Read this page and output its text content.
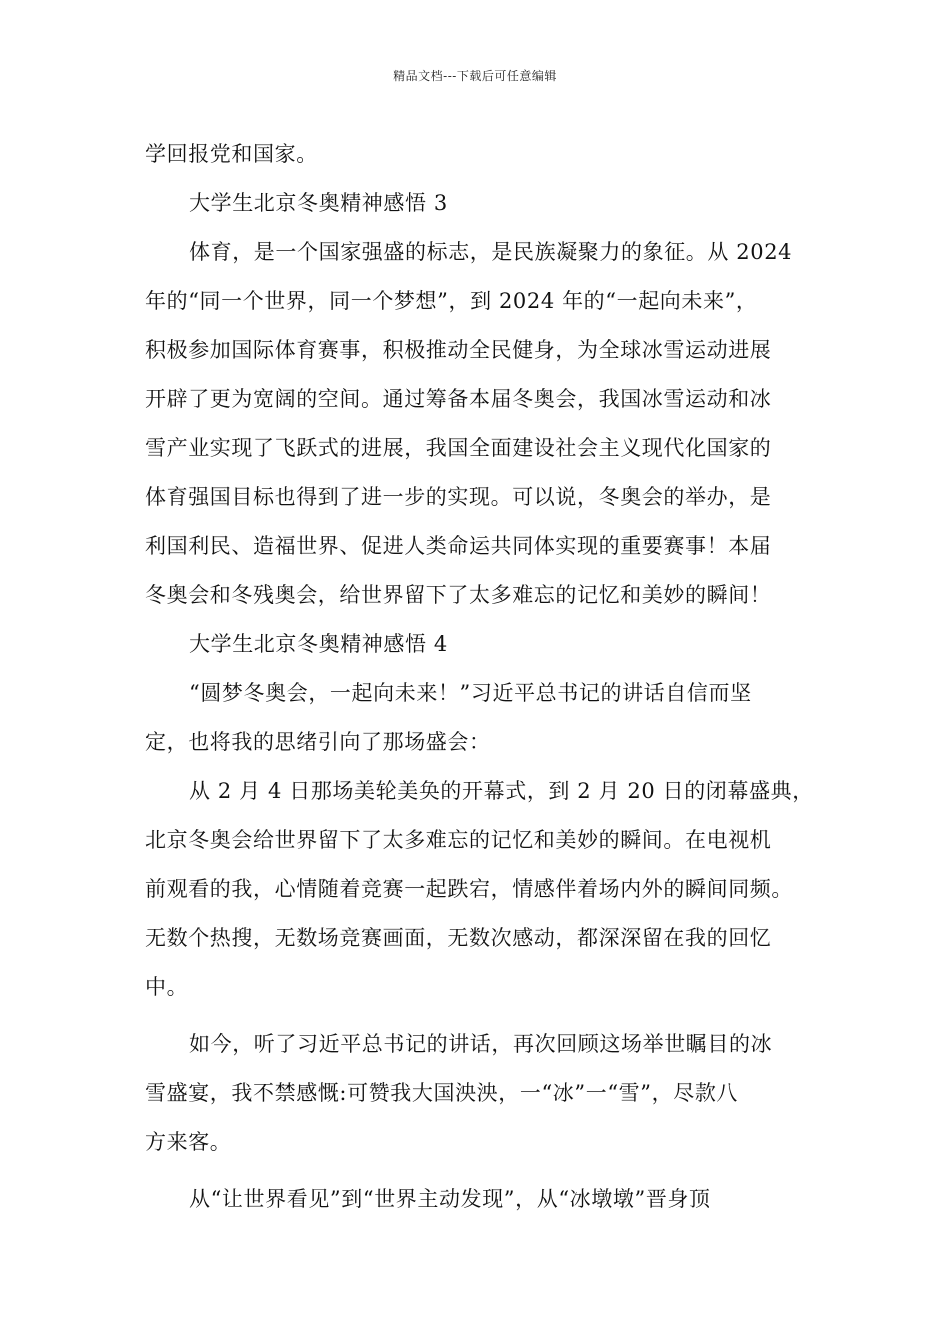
精品文档---下载后可任意编辑
学回报党和国家。
大学生北京冬奥精神感悟 3
体育，是一个国家强盛的标志，是民族凝聚力的象征。从 2024
年的“同一个世界，同一个梦想”，到 2024 年的“一起向未来”，
积极参加国际体育赛事，积极推动全民健身，为全球冰雪运动进展
开辟了更为宽阔的空间。通过筹备本届冬奥会，我国冰雪运动和冰
雪产业实现了飞跃式的进展，我国全面建设社会主义现代化国家的
体育强国目标也得到了进一步的实现。可以说，冬奥会的举办，是
利国利民、造福世界、促进人类命运共同体实现的重要赛事！本届
冬奥会和冬残奥会，给世界留下了太多难忘的记忆和美妙的瞬间！
大学生北京冬奥精神感悟 4
“圆梦冬奥会，一起向未来！”习近平总书记的讲话自信而坚
定，也将我的思绪引向了那场盛会：
从 2 月 4 日那场美轮美奂的开幕式，到 2 月 20 日的闭幕盛典，
北京冬奥会给世界留下了太多难忘的记忆和美妙的瞬间。在电视机
前观看的我，心情随着竞赛一起跌宕，情感伴着场内外的瞬间同频。
无数个热搜，无数场竞赛画面，无数次感动，都深深留在我的回忆
中。
如今，听了习近平总书记的讲话，再次回顾这场举世瞩目的冰
雪盛宴，我不禁感慨:可赞我大国泱泱，一“冰”一“雪”，尽款八
方来客。
从“让世界看见”到“世界主动发现”，从“冰墩墩”晋身顶
